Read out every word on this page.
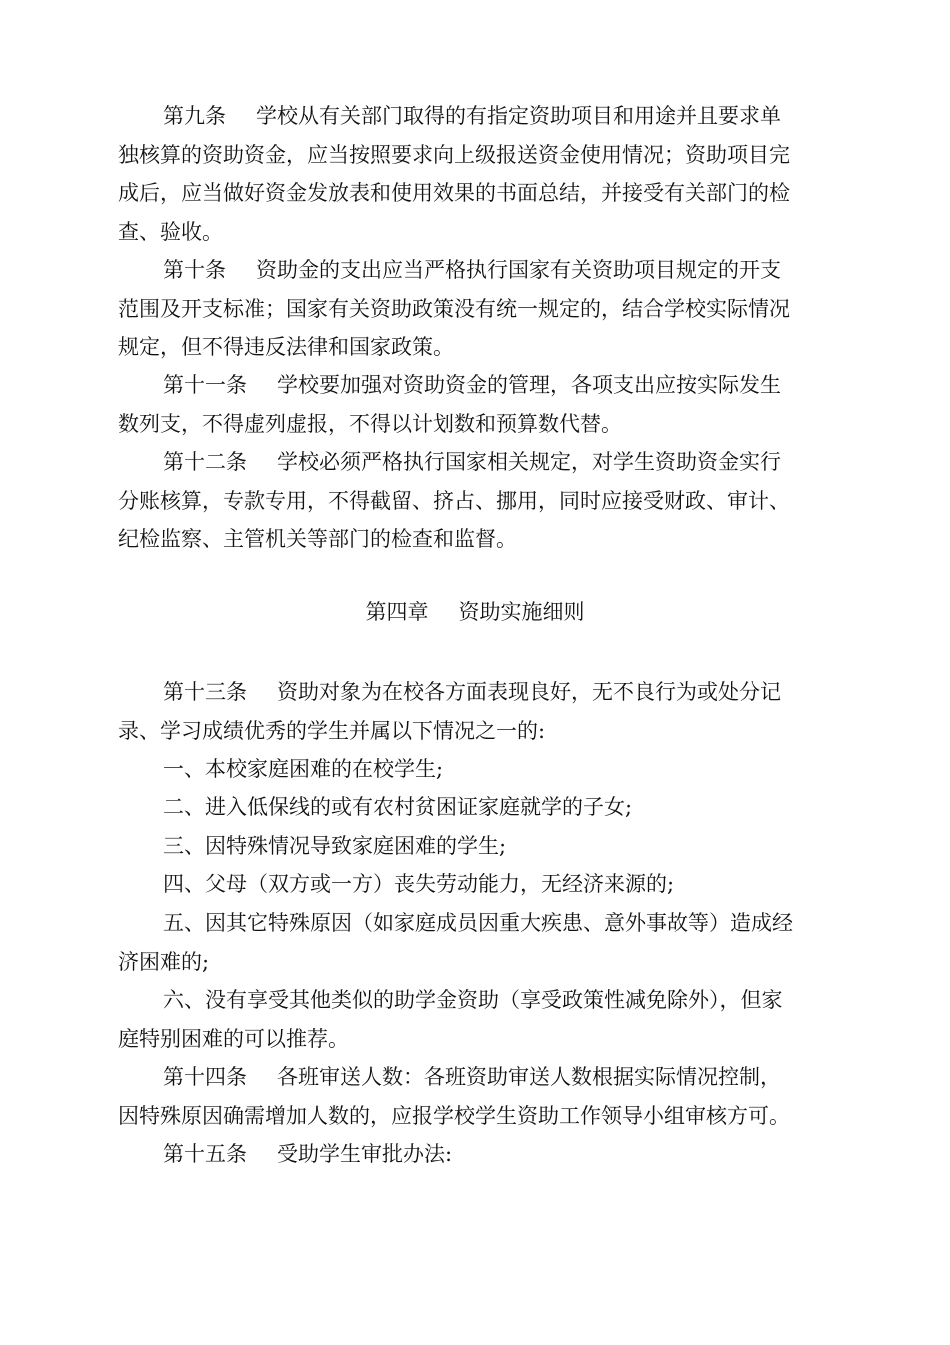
第九条 学校从有关部门取得的有指定资助项目和用途并且要求单独核算的资助资金，应当按照要求向上级报送资金使用情况；资助项目完成后，应当做好资金发放表和使用效果的书面总结，并接受有关部门的检查、验收。

第十条 资助金的支出应当严格执行国家有关资助项目规定的开支范围及开支标准；国家有关资助政策没有统一规定的，结合学校实际情况规定，但不得违反法律和国家政策。

第十一条 学校要加强对资助资金的管理，各项支出应按实际发生数列支，不得虚列虚报，不得以计划数和预算数代替。

第十二条 学校必须严格执行国家相关规定，对学生资助资金实行分账核算，专款专用，不得截留、挤占、挪用，同时应接受财政、审计、纪检监察、主管机关等部门的检查和监督。

第四章 资助实施细则

第十三条 资助对象为在校各方面表现良好，无不良行为或处分记录、学习成绩优秀的学生并属以下情况之一的:

一、本校家庭困难的在校学生;

二、进入低保线的或有农村贫困证家庭就学的子女;

三、因特殊情况导致家庭困难的学生;

四、父母（双方或一方）丧失劳动能力，无经济来源的;

五、因其它特殊原因（如家庭成员因重大疾患、意外事故等）造成经济困难的;

六、没有享受其他类似的助学金资助（享受政策性减免除外），但家庭特别困难的可以推荐。

第十四条 各班审送人数：各班资助审送人数根据实际情况控制，因特殊原因确需增加人数的，应报学校学生资助工作领导小组审核方可。

第十五条 受助学生审批办法:
